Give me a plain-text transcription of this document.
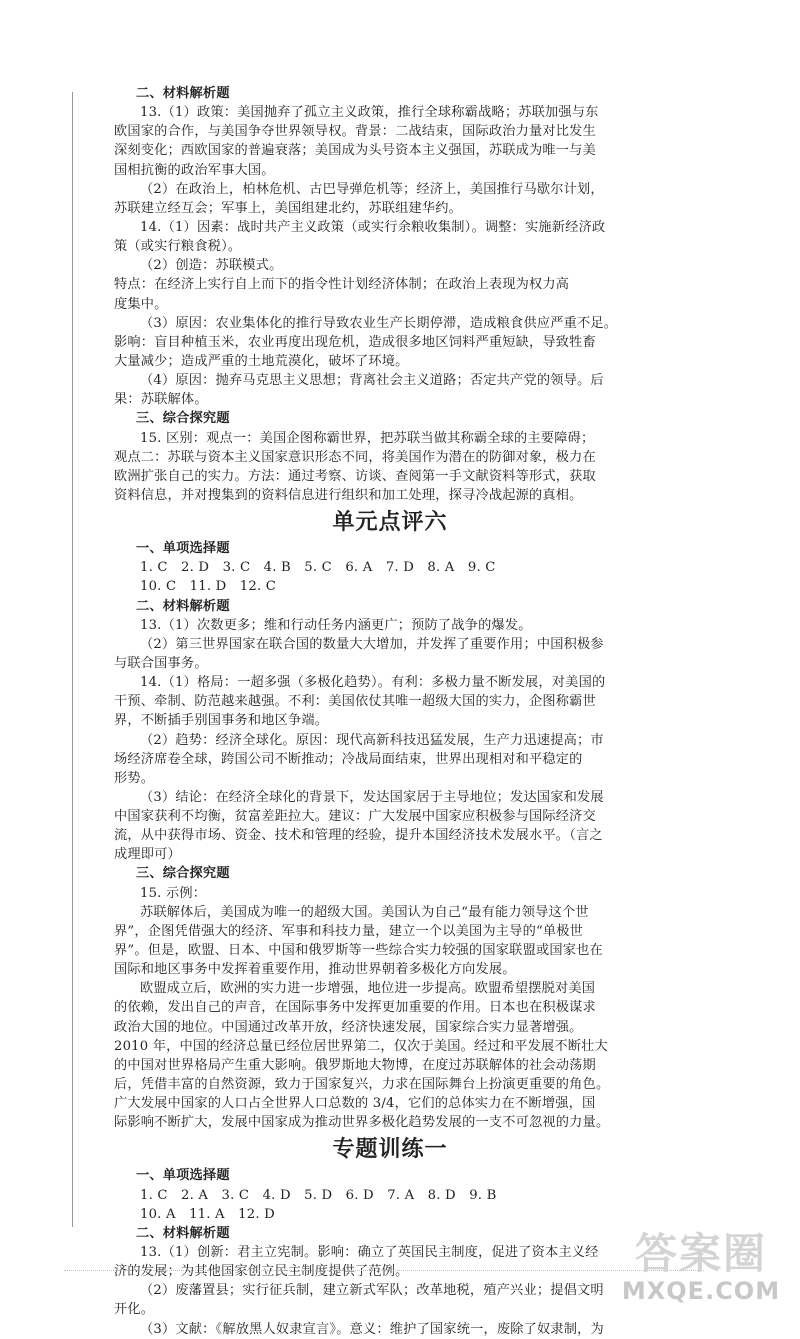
二、材料解析题
13.（1）政策：美国抛弃了孤立主义政策，推行全球称霸战略；苏联加强与东
欧国家的合作，与美国争夺世界领导权。背景：二战结束，国际政治力量对比发生
深刻变化；西欧国家的普遍衰落；美国成为头号资本主义强国，苏联成为唯一与美
国相抗衡的政治军事大国。
（2）在政治上，柏林危机、古巴导弹危机等；经济上，美国推行马歇尔计划，
苏联建立经互会；军事上，美国组建北约，苏联组建华约。
14.（1）因素：战时共产主义政策（或实行余粮收集制）。调整：实施新经济政
策（或实行粮食税）。
（2）创造：苏联模式。
特点：在经济上实行自上而下的指令性计划经济体制；在政治上表现为权力高
度集中。
（3）原因：农业集体化的推行导致农业生产长期停滞，造成粮食供应严重不足。
影响：盲目种植玉米，农业再度出现危机，造成很多地区饲料严重短缺，导致牲畜
大量减少；造成严重的土地荒漠化，破坏了环境。
（4）原因：抛弃马克思主义思想；背离社会主义道路；否定共产党的领导。后
果：苏联解体。
三、综合探究题
15. 区别：观点一：美国企图称霸世界，把苏联当做其称霸全球的主要障碍；
观点二：苏联与资本主义国家意识形态不同，将美国作为潜在的防御对象，极力在
欧洲扩张自己的实力。方法：通过考察、访谈、查阅第一手文献资料等形式，获取
资料信息，并对搜集到的资料信息进行组织和加工处理，探寻冷战起源的真相。
单元点评六
一、单项选择题
1. C　2. D　3. C　4. B　5. C　6. A　7. D　8. A　9. C
10. C　11. D　12. C
二、材料解析题
13.（1）次数更多；维和行动任务内涵更广；预防了战争的爆发。
（2）第三世界国家在联合国的数量大大增加，并发挥了重要作用；中国积极参
与联合国事务。
14.（1）格局：一超多强（多极化趋势）。有利：多极力量不断发展，对美国的
干预、牵制、防范越来越强。不利：美国依仗其唯一超级大国的实力，企图称霸世
界，不断插手别国事务和地区争端。
（2）趋势：经济全球化。原因：现代高新科技迅猛发展，生产力迅速提高；市
场经济席卷全球，跨国公司不断推动；冷战局面结束，世界出现相对和平稳定的
形势。
（3）结论：在经济全球化的背景下，发达国家居于主导地位；发达国家和发展
中国家获利不均衡，贫富差距拉大。建议：广大发展中国家应积极参与国际经济交
流，从中获得市场、资金、技术和管理的经验，提升本国经济技术发展水平。（言之
成理即可）
三、综合探究题
15. 示例：
苏联解体后，美国成为唯一的超级大国。美国认为自己“最有能力领导这个世
界”，企图凭借强大的经济、军事和科技力量，建立一个以美国为主导的“单极世
界”。但是，欧盟、日本、中国和俄罗斯等一些综合实力较强的国家联盟或国家也在
国际和地区事务中发挥着重要作用，推动世界朝着多极化方向发展。
欧盟成立后，欧洲的实力进一步增强，地位进一步提高。欧盟希望摆脱对美国
的依赖，发出自己的声音，在国际事务中发挥更加重要的作用。日本也在积极谋求
政治大国的地位。中国通过改革开放，经济快速发展，国家综合实力显著增强。
2010 年，中国的经济总量已经位居世界第二，仅次于美国。经过和平发展不断壮大
的中国对世界格局产生重大影响。俄罗斯地大物博，在度过苏联解体的社会动荡期
后，凭借丰富的自然资源，致力于国家复兴，力求在国际舞台上扮演更重要的角色。
广大发展中国家的人口占全世界人口总数的 3/4，它们的总体实力在不断增强，国
际影响不断扩大，发展中国家成为推动世界多极化趋势发展的一支不可忽视的力量。
专题训练一
一、单项选择题
1. C　2. A　3. C　4. D　5. D　6. D　7. A　8. D　9. B
10. A　11. A　12. D
二、材料解析题
13.（1）创新：君主立宪制。影响：确立了英国民主制度，促进了资本主义经
济的发展；为其他国家创立民主制度提供了范例。
（2）废藩置县；实行征兵制，建立新式军队；改革地税，殖产兴业；提倡文明
开化。
（3）文献：《解放黑人奴隶宣言》。意义：维护了国家统一，废除了奴隶制，为
答案圈
MXQE.COM
